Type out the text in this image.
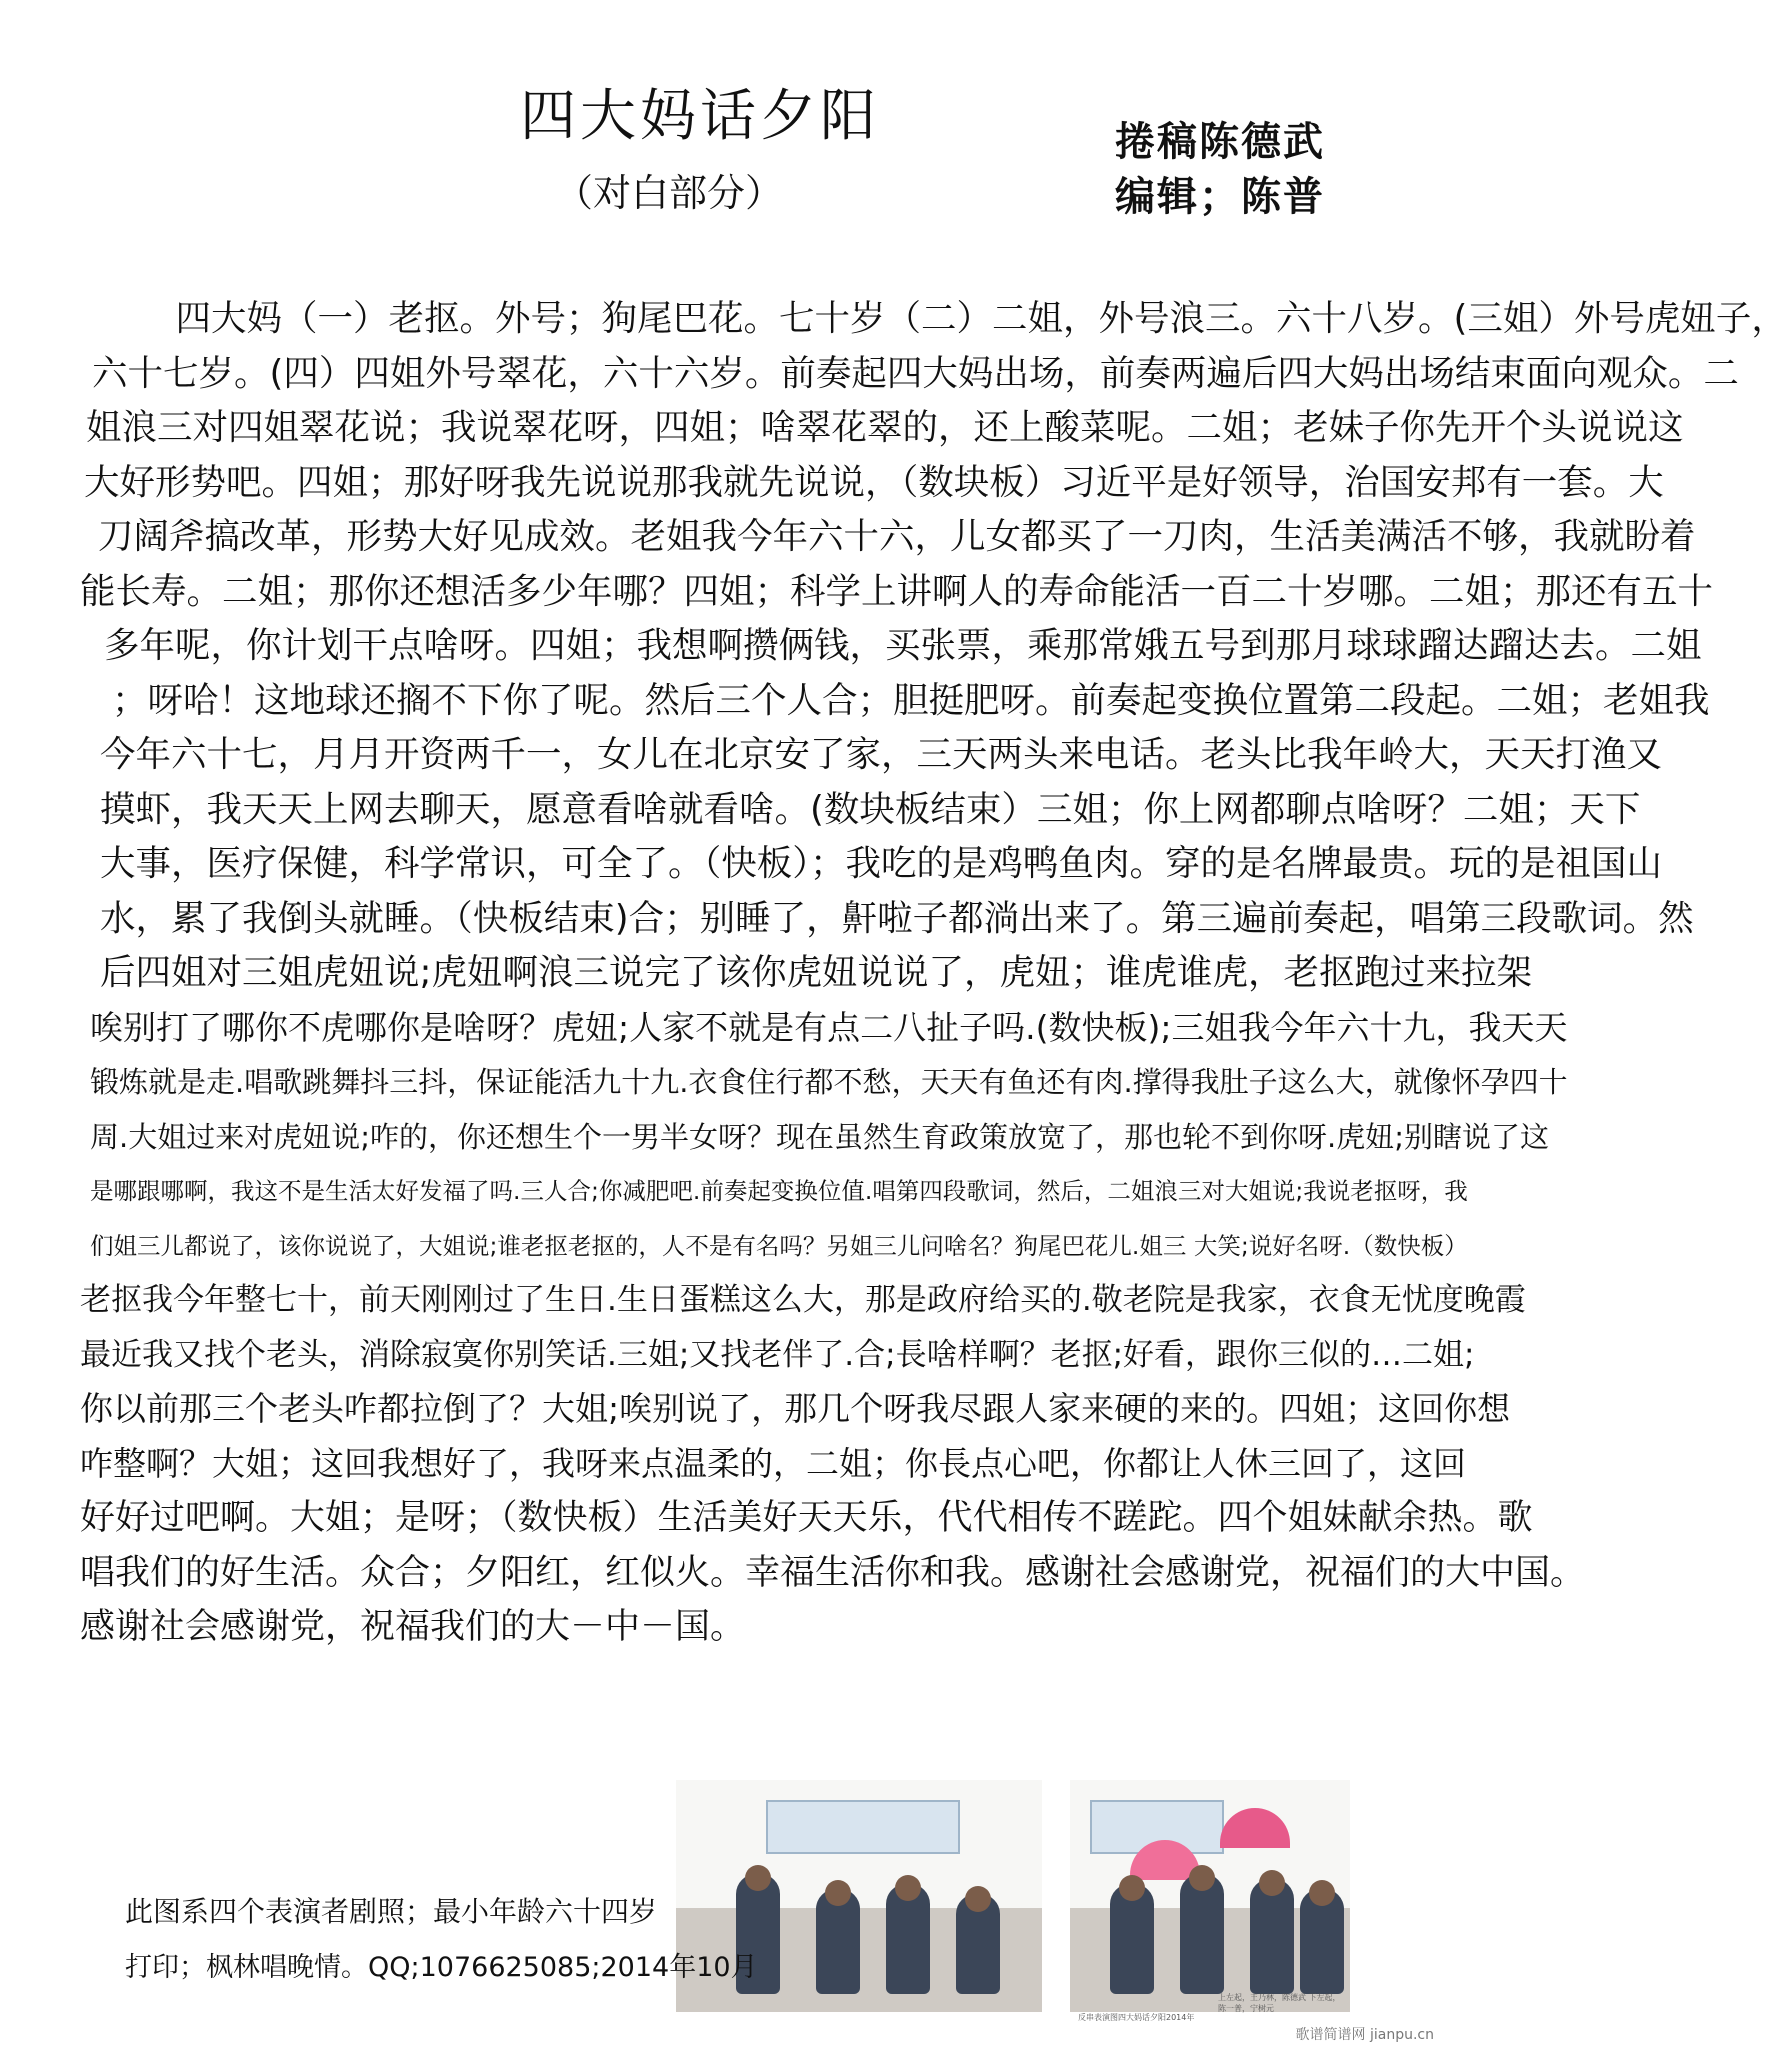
四大妈话夕阳
（对白部分）
捲稿陈德武
编辑；陈普
　四大妈（一）老抠。外号；狗尾巴花。七十岁（二）二姐，外号浪三。六十八岁。(三姐）外号虎妞子，
六十七岁。(四）四姐外号翠花，六十六岁。前奏起四大妈出场，前奏两遍后四大妈出场结束面向观众。二
姐浪三对四姐翠花说；我说翠花呀，四姐；啥翠花翠的，还上酸菜呢。二姐；老妹子你先开个头说说这
大好形势吧。四姐；那好呀我先说说那我就先说说，（数块板）习近平是好领导，治国安邦有一套。大
刀阔斧搞改革，形势大好见成效。老姐我今年六十六，儿女都买了一刀肉，生活美满活不够，我就盼着
能长寿。二姐；那你还想活多少年哪？四姐；科学上讲啊人的寿命能活一百二十岁哪。二姐；那还有五十
多年呢，你计划干点啥呀。四姐；我想啊攒俩钱，买张票，乘那常娥五号到那月球球蹓达蹓达去。二姐
；呀哈！这地球还搁不下你了呢。然后三个人合；胆挺肥呀。前奏起变换位置第二段起。二姐；老姐我
今年六十七，月月开资两千一，女儿在北京安了家，三天两头来电话。老头比我年岭大，天天打渔又
摸虾，我天天上网去聊天，愿意看啥就看啥。(数块板结束）三姐；你上网都聊点啥呀？二姐；天下
大事，医疗保健，科学常识，可全了。（快板）；我吃的是鸡鸭鱼肉。穿的是名牌最贵。玩的是祖国山
水，累了我倒头就睡。（快板结束)合；别睡了，鼾啦子都淌出来了。第三遍前奏起，唱第三段歌词。然
后四姐对三姐虎妞说;虎妞啊浪三说完了该你虎妞说说了，虎妞；谁虎谁虎，老抠跑过来拉架
唉别打了哪你不虎哪你是啥呀？虎妞;人家不就是有点二八扯子吗.(数快板);三姐我今年六十九，我天天
锻炼就是走.唱歌跳舞抖三抖，保证能活九十九.衣食住行都不愁，天天有鱼还有肉.撑得我肚子这么大，就像怀孕四十
周.大姐过来对虎妞说;咋的，你还想生个一男半女呀？现在虽然生育政策放宽了，那也轮不到你呀.虎妞;别瞎说了这
是哪跟哪啊，我这不是生活太好发福了吗.三人合;你减肥吧.前奏起变换位值.唱第四段歌词，然后，二姐浪三对大姐说;我说老抠呀，我
们姐三儿都说了，该你说说了，大姐说;谁老抠老抠的，人不是有名吗？另姐三儿问啥名？狗尾巴花儿.姐三 大笑;说好名呀.（数快板）
老抠我今年整七十，前天刚刚过了生日.生日蛋糕这么大，那是政府给买的.敬老院是我家，衣食无忧度晚霞
最近我又找个老头，消除寂寞你别笑话.三姐;又找老伴了.合;長啥样啊？老抠;好看，跟你三似的…二姐;
你以前那三个老头咋都拉倒了？大姐;唉别说了，那几个呀我尽跟人家来硬的来的。四姐；这回你想
咋整啊？大姐；这回我想好了，我呀来点温柔的，二姐；你長点心吧，你都让人休三回了，这回
好好过吧啊。大姐；是呀；（数快板）生活美好天天乐，代代相传不蹉跎。四个姐妹献余热。歌
唱我们的好生活。众合；夕阳红，红似火。幸福生活你和我。感谢社会感谢党，祝福们的大中国。
感谢社会感谢党，祝福我们的大－中－国。
反串表演图四大妈话夕阳2014年
上左起，王乃林，陈德武 下左起，陈一普，宁树元
此图系四个表演者剧照；最小年龄六十四岁
打印；枫林唱晚情。QQ;1076625085;2014年10月
歌谱简谱网 jianpu.cn
